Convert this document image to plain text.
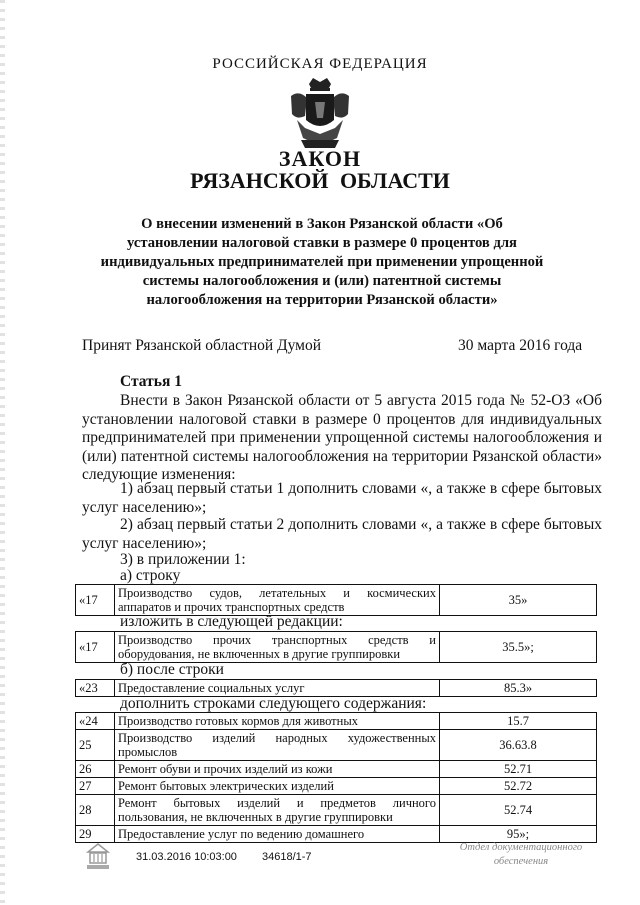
РОССИЙСКАЯ ФЕДЕРАЦИЯ
ЗАКОН
РЯЗАНСКОЙ ОБЛАСТИ
О внесении изменений в Закон Рязанской области «Об установлении налоговой ставки в размере 0 процентов для индивидуальных предпринимателей при применении упрощенной системы налогообложения и (или) патентной системы налогообложения на территории Рязанской области»
Принят Рязанской областной Думой	30 марта 2016 года
Статья 1
Внести в Закон Рязанской области от 5 августа 2015 года № 52-ОЗ «Об установлении налоговой ставки в размере 0 процентов для индивидуальных предпринимателей при применении упрощенной системы налогообложения и (или) патентной системы налогообложения на территории Рязанской области» следующие изменения:
1) абзац первый статьи 1 дополнить словами «, а также в сфере бытовых услуг населению»;
2) абзац первый статьи 2 дополнить словами «, а также в сфере бытовых услуг населению»;
3) в приложении 1:
а) строку
«17	Производство судов, летательных и космических аппаратов и прочих транспортных средств	35»
изложить в следующей редакции:
«17	Производство прочих транспортных средств и оборудования, не включенных в другие группировки	35.5»;
б) после строки
«23	Предоставление социальных услуг	85.3»
дополнить строками следующего содержания:
«24	Производство готовых кормов для животных	15.7
25	Производство изделий народных художественных промыслов	36.63.8
26	Ремонт обуви и прочих изделий из кожи	52.71
27	Ремонт бытовых электрических изделий	52.72
28	Ремонт бытовых изделий и предметов личного пользования, не включенных в другие группировки	52.74
29	Предоставление услуг по ведению домашнего	95»;
31.03.2016 10:03:00 34618/1-7
Отдел документационного обеспечения
